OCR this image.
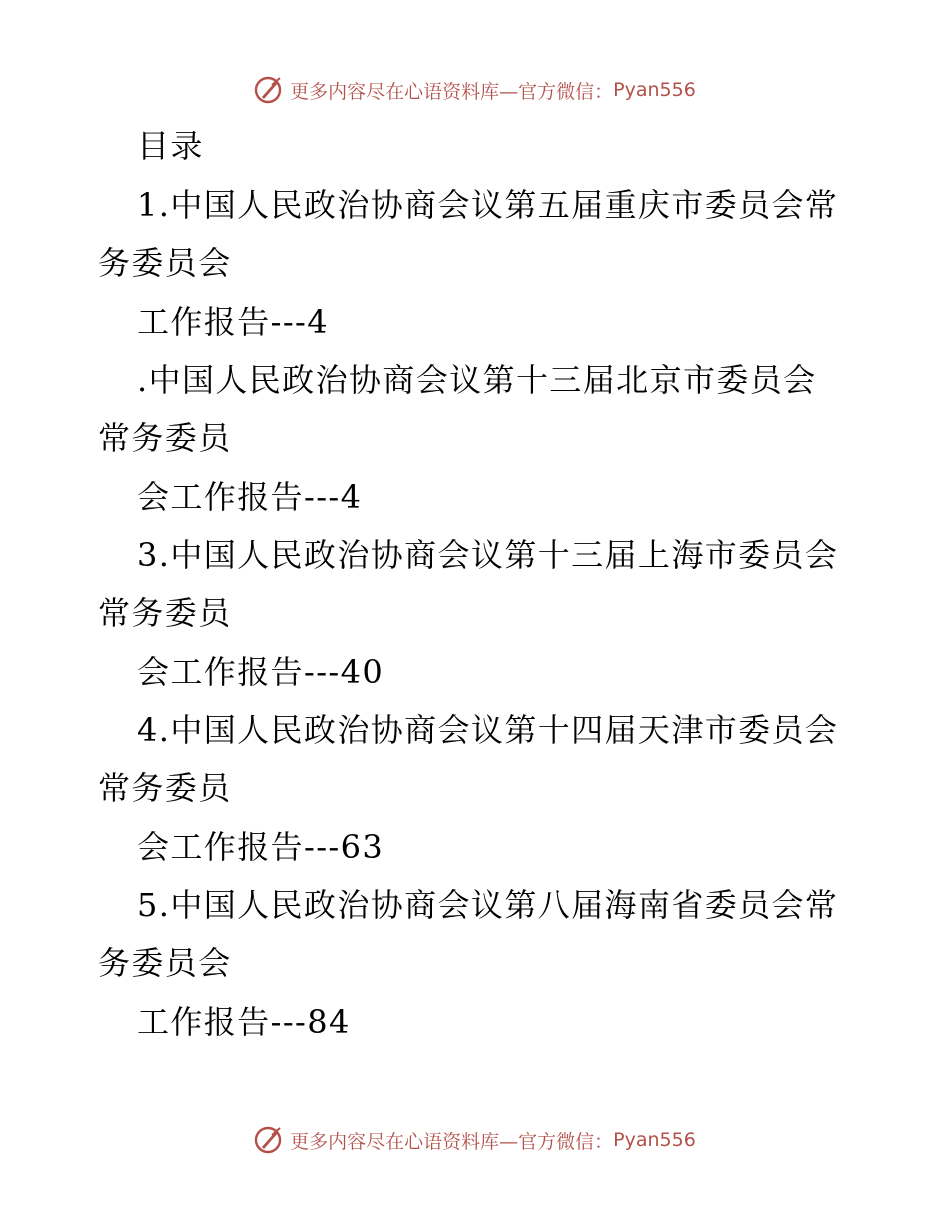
更多内容尽在心语资料库—官方微信： Pyan556
目录
1.中国人民政治协商会议第五届重庆市委员会常
务委员会
工作报告---4
.中国人民政治协商会议第十三届北京市委员会
常务委员
会工作报告---4
3.中国人民政治协商会议第十三届上海市委员会
常务委员
会工作报告---40
4.中国人民政治协商会议第十四届天津市委员会
常务委员
会工作报告---63
5.中国人民政治协商会议第八届海南省委员会常
务委员会
工作报告---84
更多内容尽在心语资料库—官方微信： Pyan556
